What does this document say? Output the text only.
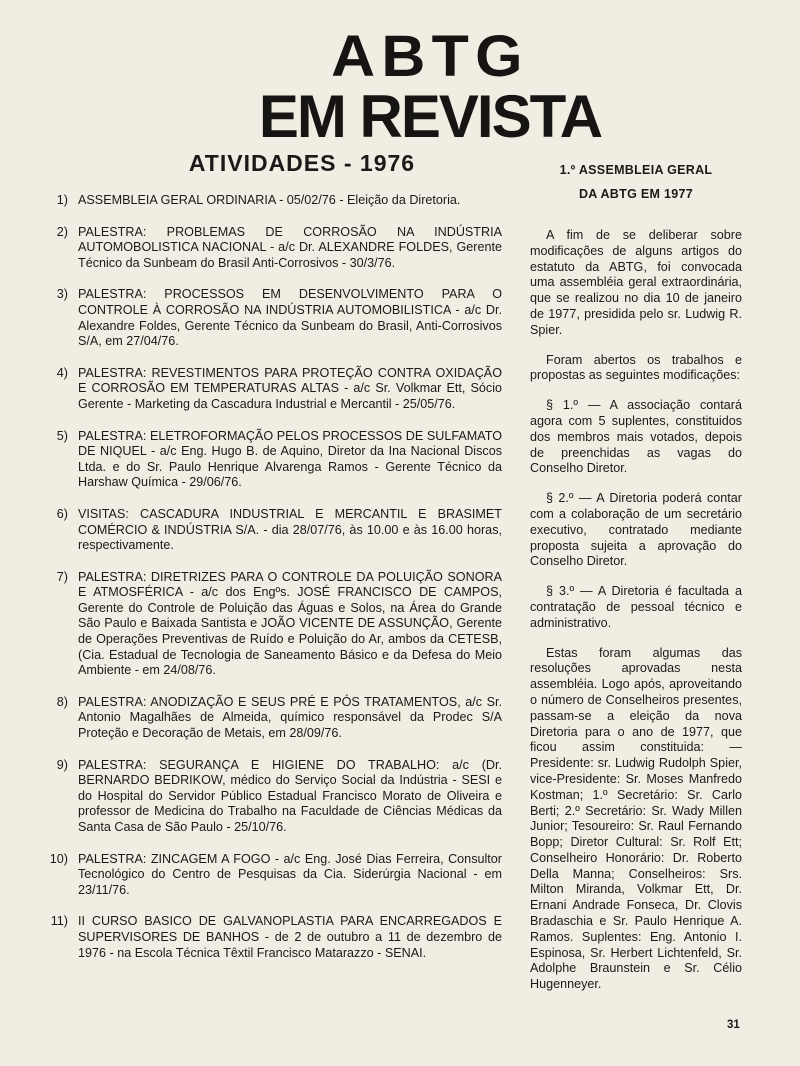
ABTG
EM REVISTA
ATIVIDADES - 1976
1) ASSEMBLEIA GERAL ORDINARIA - 05/02/76 - Eleição da Diretoria.
2) PALESTRA: PROBLEMAS DE CORROSÃO NA INDÚSTRIA AUTOMOBOLISTICA NACIONAL - a/c Dr. ALEXANDRE FOLDES, Gerente Técnico da Sunbeam do Brasil Anti-Corrosivos - 30/3/76.
3) PALESTRA: PROCESSOS EM DESENVOLVIMENTO PARA O CONTROLE À CORROSÃO NA INDÚSTRIA AUTOMOBILISTICA - a/c Dr. Alexandre Foldes, Gerente Técnico da Sunbeam do Brasil, Anti-Corrosivos S/A, em 27/04/76.
4) PALESTRA: REVESTIMENTOS PARA PROTEÇÃO CONTRA OXIDAÇÃO E CORROSÃO EM TEMPERATURAS ALTAS - a/c Sr. Volkmar Ett, Sócio Gerente - Marketing da Cascadura Industrial e Mercantil - 25/05/76.
5) PALESTRA: ELETROFORMAÇÃO PELOS PROCESSOS DE SULFAMATO DE NIQUEL - a/c Eng. Hugo B. de Aquino, Diretor da Ina Nacional Discos Ltda. e do Sr. Paulo Henrique Alvarenga Ramos - Gerente Técnico da Harshaw Química - 29/06/76.
6) VISITAS: CASCADURA INDUSTRIAL E MERCANTIL E BRASIMET COMÉRCIO & INDÚSTRIA S/A. - dia 28/07/76, às 10.00 e às 16.00 horas, respectivamente.
7) PALESTRA: DIRETRIZES PARA O CONTROLE DA POLUIÇÃO SONORA E ATMOSFÉRICA - a/c dos Engºs. JOSÉ FRANCISCO DE CAMPOS, Gerente do Controle de Poluição das Águas e Solos, na Área do Grande São Paulo e Baixada Santista e JOÃO VICENTE DE ASSUNÇÃO, Gerente de Operações Preventivas de Ruído e Poluição do Ar, ambos da CETESB, (Cia. Estadual de Tecnologia de Saneamento Básico e da Defesa do Meio Ambiente - em 24/08/76.
8) PALESTRA: ANODIZAÇÃO E SEUS PRÉ E PÓS TRATAMENTOS, a/c Sr. Antonio Magalhães de Almeida, químico responsável da Prodec S/A Proteção e Decoração de Metais, em 28/09/76.
9) PALESTRA: SEGURANÇA E HIGIENE DO TRABALHO: a/c (Dr. BERNARDO BEDRIKOW, médico do Serviço Social da Indústria - SESI e do Hospital do Servidor Público Estadual Francisco Morato de Oliveira e professor de Medicina do Trabalho na Faculdade de Ciências Médicas da Santa Casa de São Paulo - 25/10/76.
10) PALESTRA: ZINCAGEM A FOGO - a/c Eng. José Dias Ferreira, Consultor Tecnológico do Centro de Pesquisas da Cia. Siderúrgia Nacional - em 23/11/76.
11) II CURSO BASICO DE GALVANOPLASTIA PARA ENCARREGADOS E SUPERVISORES DE BANHOS - de 2 de outubro a 11 de dezembro de 1976 - na Escola Técnica Têxtil Francisco Matarazzo - SENAI.
1.º ASSEMBLEIA GERAL
DA ABTG EM 1977

A fim de se deliberar sobre modificações de alguns artigos do estatuto da ABTG, foi convocada uma assembléia geral extraordinária, que se realizou no dia 10 de janeiro de 1977, presidida pelo sr. Ludwig R. Spier.

Foram abertos os trabalhos e propostas as seguintes modificações:

§ 1.º — A associação contará agora com 5 suplentes, constituidos dos membros mais votados, depois de preenchidas as vagas do Conselho Diretor.

§ 2.º — A Diretoria poderá contar com a colaboração de um secretário executivo, contratado mediante proposta sujeita a aprovação do Conselho Diretor.

§ 3.º — A Diretoria é facultada a contratação de pessoal técnico e administrativo.

Estas foram algumas das resoluções aprovadas nesta assembléia. Logo após, aproveitando o número de Conselheiros presentes, passam-se a eleição da nova Diretoria para o ano de 1977, que ficou assim constituida: — Presidente: sr. Ludwig Rudolph Spier, vice-Presidente: Sr. Moses Manfredo Kostman; 1.º Secretário: Sr. Carlo Berti; 2.º Secretário: Sr. Wady Millen Junior; Tesoureiro: Sr. Raul Fernando Bopp; Diretor Cultural: Sr. Rolf Ett; Conselheiro Honorário: Dr. Roberto Della Manna; Conselheiros: Srs. Milton Miranda, Volkmar Ett, Dr. Ernani Andrade Fonseca, Dr. Clovis Bradaschia e Sr. Paulo Henrique A. Ramos. Suplentes: Eng. Antonio I. Espinosa, Sr. Herbert Lichtenfeld, Sr. Adolphe Braunstein e Sr. Célio Hugenneyer.

31
